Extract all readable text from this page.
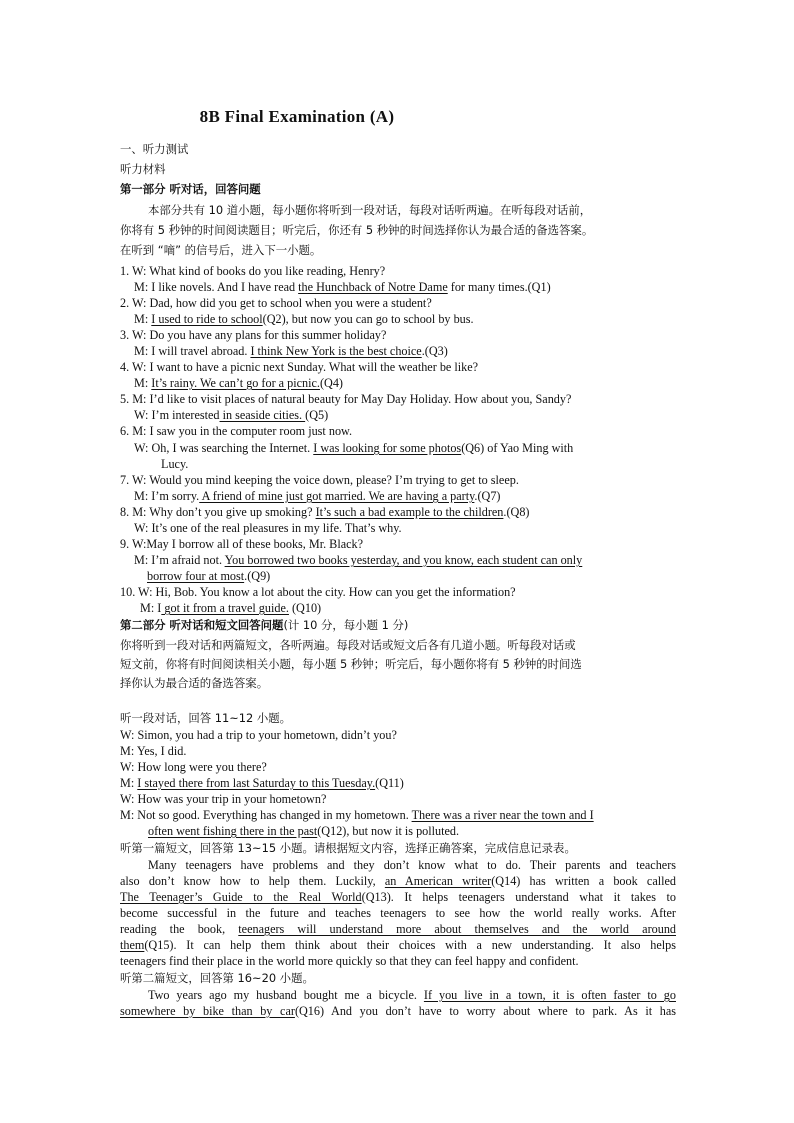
8B Final Examination (A)
一、听力测试
听力材料
第一部分 听对话，回答问题
本部分共有 10 道小题，每小题你将听到一段对话，每段对话听两遍。在听每段对话前，
你将有 5 秒钟的时间阅读题目；听完后，你还有 5 秒钟的时间选择你认为最合适的备选答案。
在听到 “嘀” 的信号后，进入下一小题。
1. W: What kind of books do you like reading, Henry?
M: I like novels. And I have read the Hunchback of Notre Dame for many times.(Q1)
2. W: Dad, how did you get to school when you were a student?
M: I used to ride to school(Q2), but now you can go to school by bus.
3. W: Do you have any plans for this summer holiday?
M: I will travel abroad. I think New York is the best choice.(Q3)
4. W: I want to have a picnic next Sunday. What will the weather be like?
M: It’s rainy. We can’t go for a picnic.(Q4)
5. M: I’d like to visit places of natural beauty for May Day Holiday. How about you, Sandy?
W: I’m interested in seaside cities. (Q5)
6. M: I saw you in the computer room just now.
W: Oh, I was searching the Internet. I was looking for some photos(Q6) of Yao Ming with
Lucy.
7. W: Would you mind keeping the voice down, please? I’m trying to get to sleep.
M: I’m sorry. A friend of mine just got married. We are having a party.(Q7)
8. M: Why don’t you give up smoking? It’s such a bad example to the children.(Q8)
W: It’s one of the real pleasures in my life. That’s why.
9. W:May I borrow all of these books, Mr. Black?
M: I’m afraid not. You borrowed two books yesterday, and you know, each student can only
borrow four at most.(Q9)
10. W: Hi, Bob. You know a lot about the city. How can you get the information?
M: I got it from a travel guide. (Q10)
第二部分 听对话和短文回答问题(计 10 分，每小题 1 分)
你将听到一段对话和两篇短文，各听两遍。每段对话或短文后各有几道小题。听每段对话或
短文前，你将有时间阅读相关小题，每小题 5 秒钟；听完后，每小题你将有 5 秒钟的时间选
择你认为最合适的备选答案。
听一段对话，回答 11~12 小题。
W: Simon, you had a trip to your hometown, didn’t you?
M: Yes, I did.
W: How long were you there?
M: I stayed there from last Saturday to this Tuesday.(Q11)
W: How was your trip in your hometown?
M: Not so good. Everything has changed in my hometown. There was a river near the town and I
often went fishing there in the past(Q12), but now it is polluted.
听第一篇短文，回答第 13~15 小题。请根据短文内容，选择正确答案，完成信息记录表。
Many teenagers have problems and they don’t know what to do. Their parents and teachers
also don’t know how to help them. Luckily, an American writer(Q14) has written a book called
The Teenager’s Guide to the Real World(Q13). It helps teenagers understand what it takes to
become successful in the future and teaches teenagers to see how the world really works. After
reading the book, teenagers will understand more about themselves and the world around
them(Q15). It can help them think about their choices with a new understanding. It also helps
teenagers find their place in the world more quickly so that they can feel happy and confident.
听第二篇短文，回答第 16~20 小题。
Two years ago my husband bought me a bicycle. If you live in a town, it is often faster to go
somewhere by bike than by car(Q16) And you don’t have to worry about where to park. As it has
